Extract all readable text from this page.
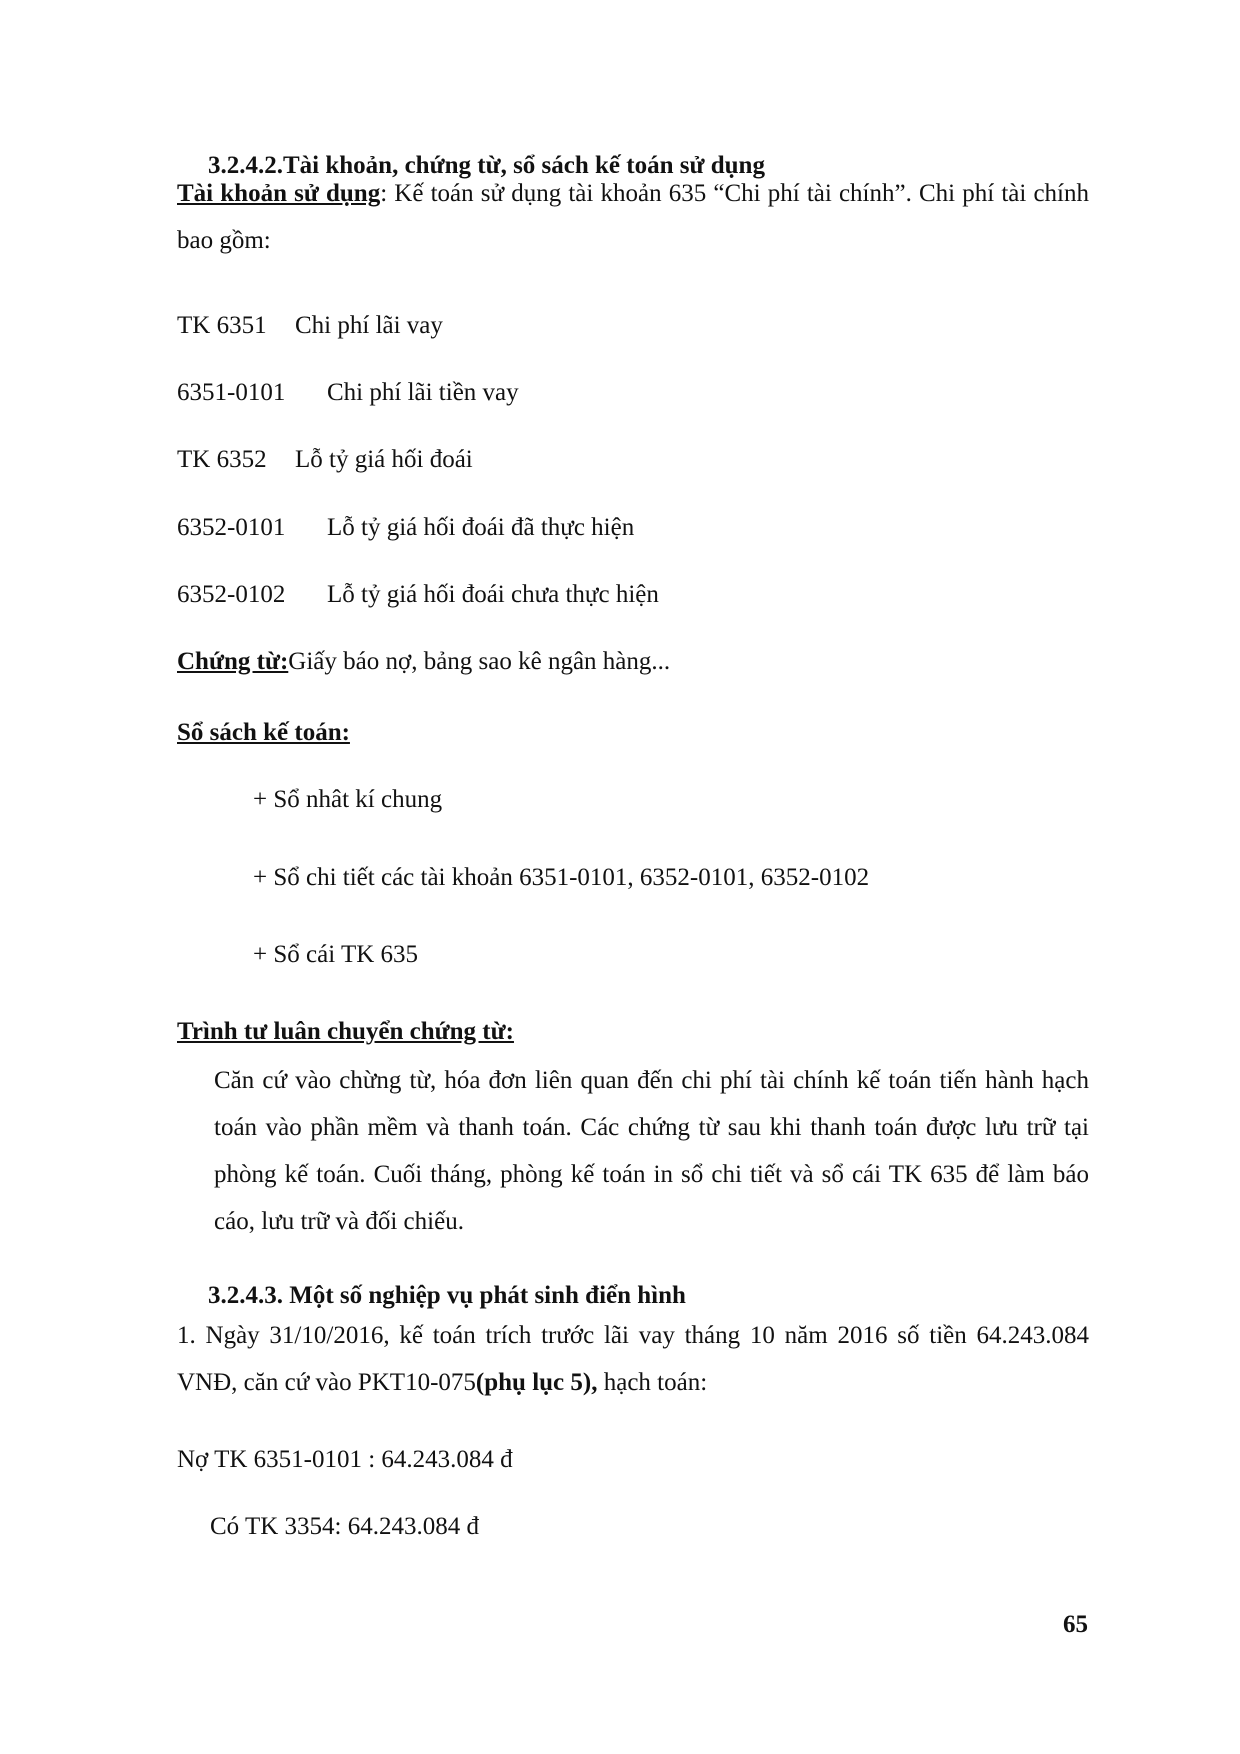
3.2.4.2.Tài khoản, chứng từ, sổ sách kế toán sử dụng
Tài khoản sử dụng: Kế toán sử dụng tài khoản 635 “Chi phí tài chính”. Chi phí tài chính bao gồm:
TK 6351 Chi phí lãi vay
6351-0101 Chi phí lãi tiền vay
TK 6352 Lỗ tỷ giá hối đoái
6352-0101 Lỗ tỷ giá hối đoái đã thực hiện
6352-0102 Lỗ tỷ giá hối đoái chưa thực hiện
Chứng từ:Giấy báo nợ, bảng sao kê ngân hàng...
Sổ sách kế toán:
+ Sổ nhât kí chung
+ Sổ chi tiết các tài khoản 6351-0101, 6352-0101, 6352-0102
+ Sổ cái TK 635
Trình tư luân chuyển chứng từ:
Căn cứ vào chừng từ, hóa đơn liên quan đến chi phí tài chính kế toán tiến hành hạch toán vào phần mềm và thanh toán. Các chứng từ sau khi thanh toán được lưu trữ tại phòng kế toán. Cuối tháng, phòng kế toán in sổ chi tiết và sổ cái TK 635 để làm báo cáo, lưu trữ và đối chiếu.
3.2.4.3. Một số nghiệp vụ phát sinh điển hình
1. Ngày 31/10/2016, kế toán trích trước lãi vay tháng 10 năm 2016 số tiền 64.243.084 VNĐ, căn cứ vào PKT10-075(phụ lục 5), hạch toán:
Nợ TK 6351-0101 : 64.243.084 đ
Có TK 3354: 64.243.084 đ
65
